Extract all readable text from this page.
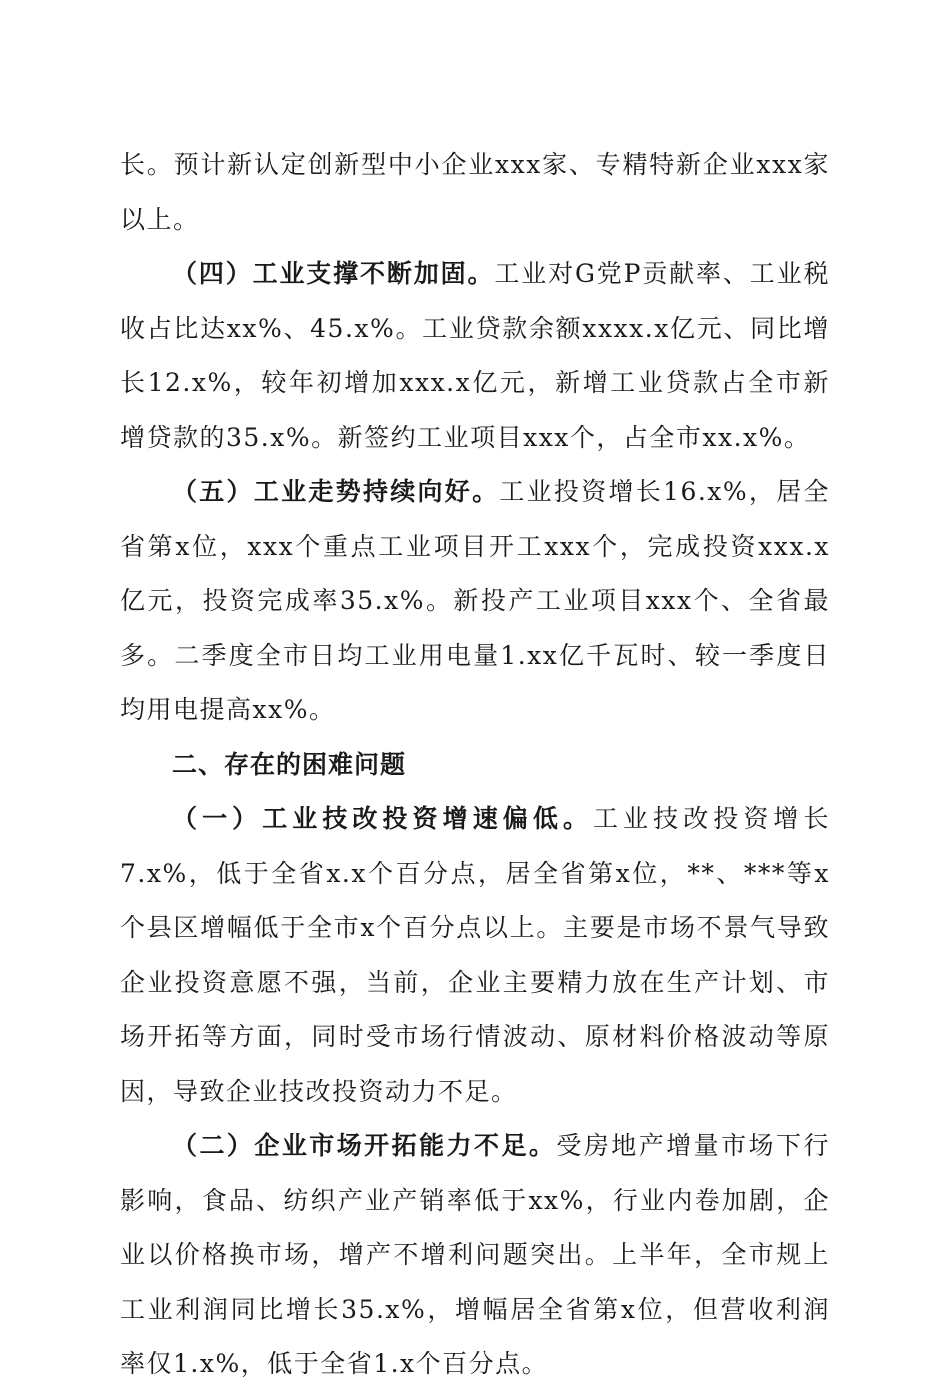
长。预计新认定创新型中小企业xxx家、专精特新企业xxx家以上。

（四）工业支撑不断加固。工业对G党P贡献率、工业税收占比达xx%、45.x%。工业贷款余额xxxx.x亿元、同比增长12.x%，较年初增加xxx.x亿元，新增工业贷款占全市新增贷款的35.x%。新签约工业项目xxx个，占全市xx.x%。

（五）工业走势持续向好。工业投资增长16.x%，居全省第x位，xxx个重点工业项目开工xxx个，完成投资xxx.x亿元，投资完成率35.x%。新投产工业项目xxx个、全省最多。二季度全市日均工业用电量1.xx亿千瓦时、较一季度日均用电提高xx%。

二、存在的困难问题

（一）工业技改投资增速偏低。工业技改投资增长7.x%，低于全省x.x个百分点，居全省第x位，**、***等x个县区增幅低于全市x个百分点以上。主要是市场不景气导致企业投资意愿不强，当前，企业主要精力放在生产计划、市场开拓等方面，同时受市场行情波动、原材料价格波动等原因，导致企业技改投资动力不足。

（二）企业市场开拓能力不足。受房地产增量市场下行影响，食品、纺织产业产销率低于xx%，行业内卷加剧，企业以价格换市场，增产不增利问题突出。上半年，全市规上工业利润同比增长35.x%，增幅居全省第x位，但营收利润率仅1.x%，低于全省1.x个百分点。
